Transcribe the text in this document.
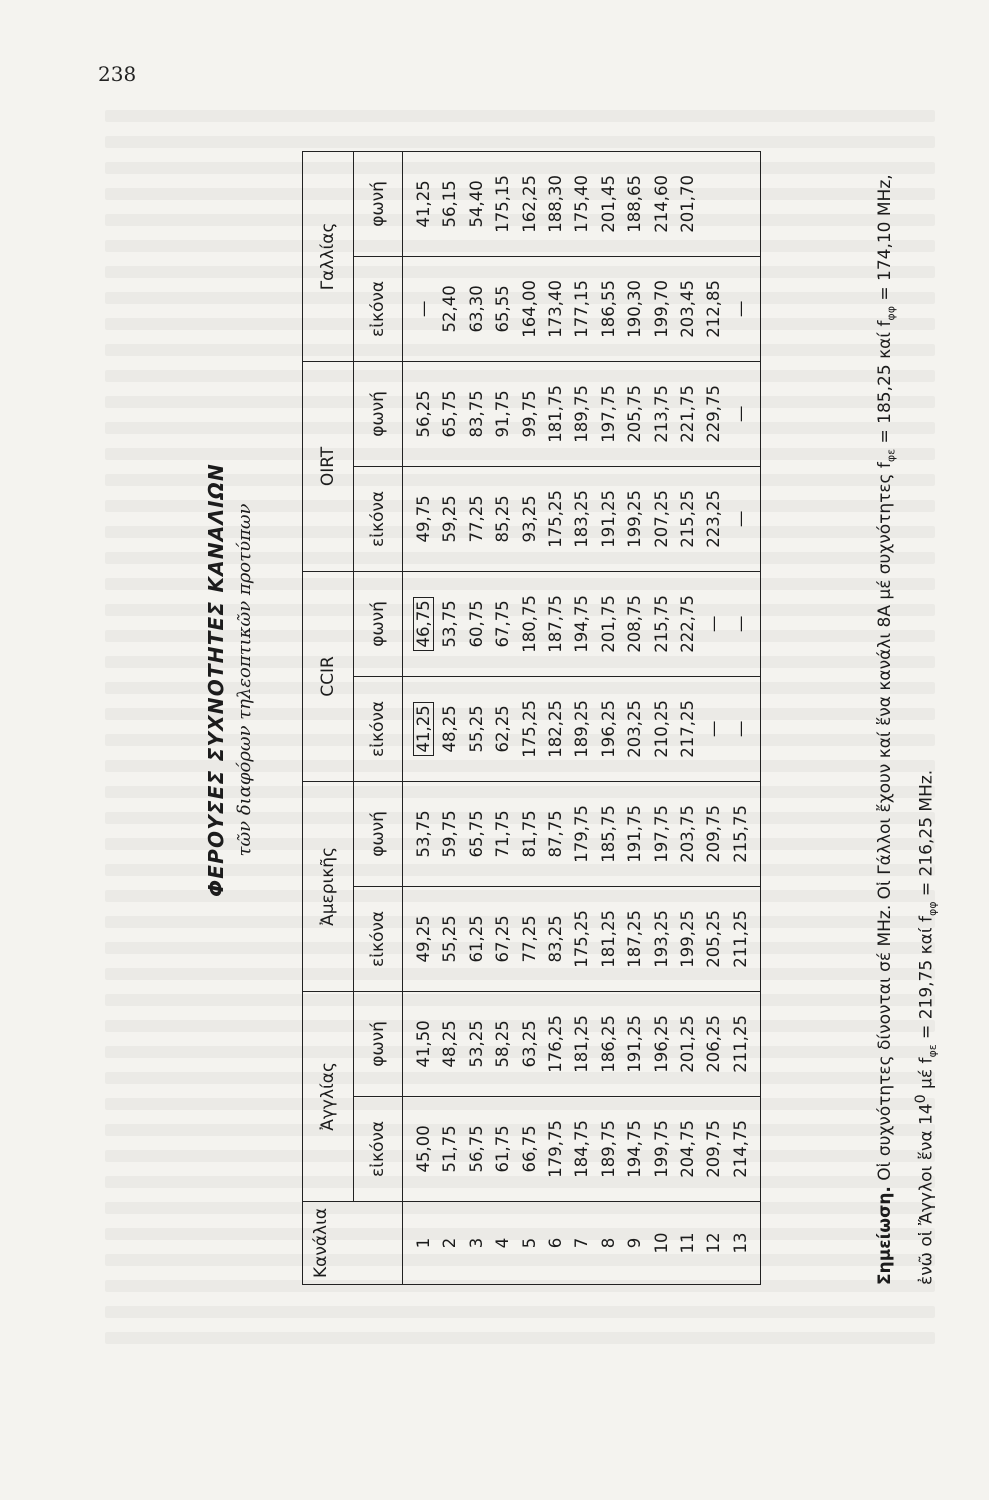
238
ΦΕΡΟΥΣΕΣ ΣΥΧΝΟΤΗΤΕΣ ΚΑΝΑΛΙΩΝ τῶν διαφόρων τηλεοπτικῶν προτύπων
Κανάλια	Ἀγγλίας		Ἀμερικῆς		CCIR		OIRT		Γαλλίας	
	εἰκόνα	φωνή	εἰκόνα	φωνή	εἰκόνα	φωνή	εἰκόνα	φωνή	εἰκόνα	φωνή
1	45,00	41,50	49,25	53,75	41,25	46,75	49,75	56,25	—	41,25
2	51,75	48,25	55,25	59,75	48,25	53,75	59,25	65,75	52,40	56,15
3	56,75	53,25	61,25	65,75	55,25	60,75	77,25	83,75	63,30	54,40
4	61,75	58,25	67,25	71,75	62,25	67,75	85,25	91,75	65,55	175,15
5	66,75	63,25	77,25	81,75	175,25	180,75	93,25	99,75	164,00	162,25
6	179,75	176,25	83,25	87,75	182,25	187,75	175,25	181,75	173,40	188,30
7	184,75	181,25	175,25	179,75	189,25	194,75	183,25	189,75	177,15	175,40
8	189,75	186,25	181,25	185,75	196,25	201,75	191,25	197,75	186,55	201,45
9	194,75	191,25	187,25	191,75	203,25	208,75	199,25	205,75	190,30	188,65
10	199,75	196,25	193,25	197,75	210,25	215,75	207,25	213,75	199,70	214,60
11	204,75	201,25	199,25	203,75	217,25	222,75	215,25	221,75	203,45	201,70
12	209,75	206,25	205,25	209,75	—	—	223,25	229,75	212,85	
13	214,75	211,25	211,25	215,75	—	—	—	—	—	
Σημείωση. Οἱ συχνότητες δίνονται σέ MHz. Οἱ Γάλλοι ἔχουν καί ἕνα κανάλι 8Α μέ συχνότητες $f_{\varphi\varepsilon} = 185,25$ καί $f_{\varphi\varphi} = 174,10$ MHz,
ἐνῶ οἱ Ἄγγλοι ἕνα $14^0$ μέ $f_{\varphi\varepsilon} = 219,75$ καί $f_{\varphi\varphi} = 216,25$ MHz.
